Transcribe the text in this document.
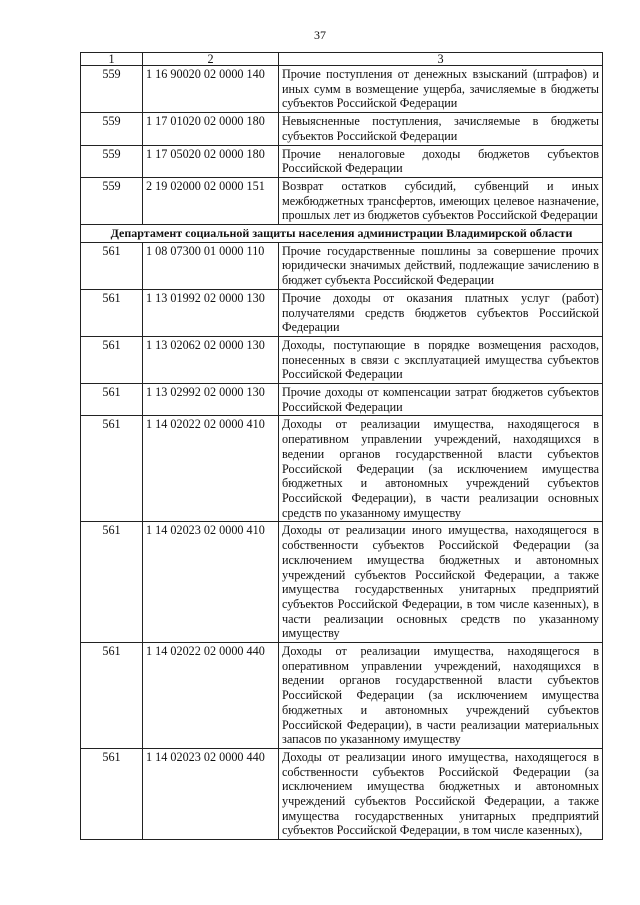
37
1	2	3
559	1 16 90020 02 0000 140	Прочие поступления от денежных взысканий (штрафов) и иных сумм в возмещение ущерба, зачисляемые в бюджеты субъектов Российской Федерации
559	1 17 01020 02 0000 180	Невыясненные поступления, зачисляемые в бюджеты субъектов Российской Федерации
559	1 17 05020 02 0000 180	Прочие неналоговые доходы бюджетов субъектов Российской Федерации
559	2 19 02000 02 0000 151	Возврат остатков субсидий, субвенций и иных межбюджетных трансфертов, имеющих целевое назначение, прошлых лет из бюджетов субъектов Российской Федерации
Департамент социальной защиты населения администрации Владимирской области		
561	1 08 07300 01 0000 110	Прочие государственные пошлины за совершение прочих юридически значимых действий, подлежащие зачислению в бюджет субъекта Российской Федерации
561	1 13 01992 02 0000 130	Прочие доходы от оказания платных услуг (работ) получателями средств бюджетов субъектов Российской Федерации
561	1 13 02062 02 0000 130	Доходы, поступающие в порядке возмещения расходов, понесенных в связи с эксплуатацией имущества субъектов Российской Федерации
561	1 13 02992 02 0000 130	Прочие доходы от компенсации затрат бюджетов субъектов Российской Федерации
561	1 14 02022 02 0000 410	Доходы от реализации имущества, находящегося в оперативном управлении учреждений, находящихся в ведении органов государственной власти субъектов Российской Федерации (за исключением имущества бюджетных и автономных учреждений субъектов Российской Федерации), в части реализации основных средств по указанному имуществу
561	1 14 02023 02 0000 410	Доходы от реализации иного имущества, находящегося в собственности субъектов Российской Федерации (за исключением имущества бюджетных и автономных учреждений субъектов Российской Федерации, а также имущества государственных унитарных предприятий субъектов Российской Федерации, в том числе казенных), в части реализации основных средств по указанному имуществу
561	1 14 02022 02 0000 440	Доходы от реализации имущества, находящегося в оперативном управлении учреждений, находящихся в ведении органов государственной власти субъектов Российской Федерации (за исключением имущества бюджетных и автономных учреждений субъектов Российской Федерации), в части реализации материальных запасов по указанному имуществу
561	1 14 02023 02 0000 440	Доходы от реализации иного имущества, находящегося в собственности субъектов Российской Федерации (за исключением имущества бюджетных и автономных учреждений субъектов Российской Федерации, а также имущества государственных унитарных предприятий субъектов Российской Федерации, в том числе казенных),
